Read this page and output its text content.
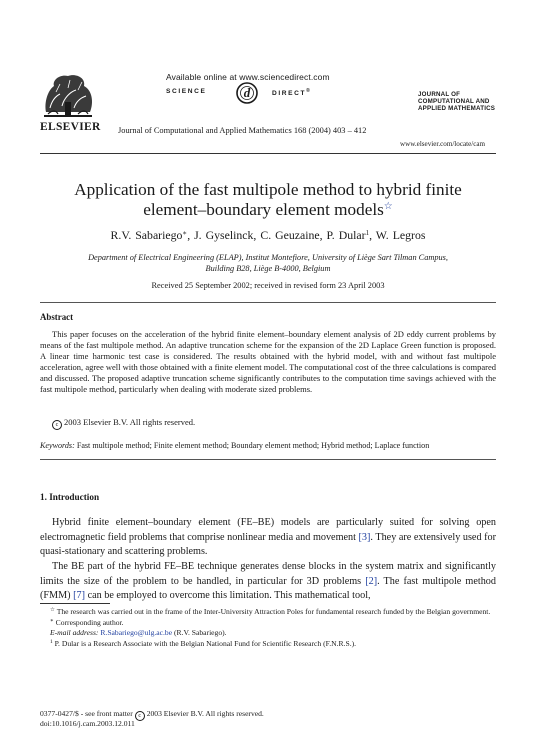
Available online at www.sciencedirect.com
SCIENCE	d	DIRECT®
ELSEVIER Journal of Computational and Applied Mathematics 168 (2004) 403 – 412
JOURNAL OF
COMPUTATIONAL AND
APPLIED MATHEMATICS
www.elsevier.com/locate/cam
Application of the fast multipole method to hybrid finite
element–boundary element models☆
R.V. Sabariego∗, J. Gyselinck, C. Geuzaine, P. Dular$^1$, W. Legros
Department of Electrical Engineering (ELAP), Institut Montefiore, University of Liège Sart Tilman Campus,
Building B28, Liège B-4000, Belgium
Received 25 September 2002; received in revised form 23 April 2003
Abstract
This paper focuses on the acceleration of the hybrid finite element–boundary element analysis of 2D eddy current problems by means of the fast multipole method. An adaptive truncation scheme for the expansion of the 2D Laplace Green function is proposed. A linear time harmonic test case is considered. The results obtained with the hybrid model, with and without fast multipole acceleration, agree well with those obtained with a finite element model. The computational cost of the three calculations is compared and discussed. The proposed adaptive truncation scheme significantly contributes to the computation time savings achieved with the fast multipole method, particularly when dealing with moderate sized problems.
c 2003 Elsevier B.V. All rights reserved.
Keywords: Fast multipole method; Finite element method; Boundary element method; Hybrid method; Laplace function
1. Introduction
Hybrid finite element–boundary element (FE–BE) models are particularly suited for solving open electromagnetic field problems that comprise nonlinear media and movement [3]. They are extensively used for quasi-stationary and scattering problems.
The BE part of the hybrid FE–BE technique generates dense blocks in the system matrix and significantly limits the size of the problem to be handled, in particular for 3D problems [2]. The fast multipole method (FMM) [7] can be employed to overcome this limitation. This mathematical tool,

☆ The research was carried out in the frame of the Inter-University Attraction Poles for fundamental research funded by the Belgian government.

∗ Corresponding author.

E-mail address: R.Sabariego@ulg.ac.be (R.V. Sabariego).

$^1$ P. Dular is a Research Associate with the Belgian National Fund for Scientific Research (F.N.R.S.).

0377-0427/$ - see front matter c 2003 Elsevier B.V. All rights reserved.
doi:10.1016/j.cam.2003.12.011
